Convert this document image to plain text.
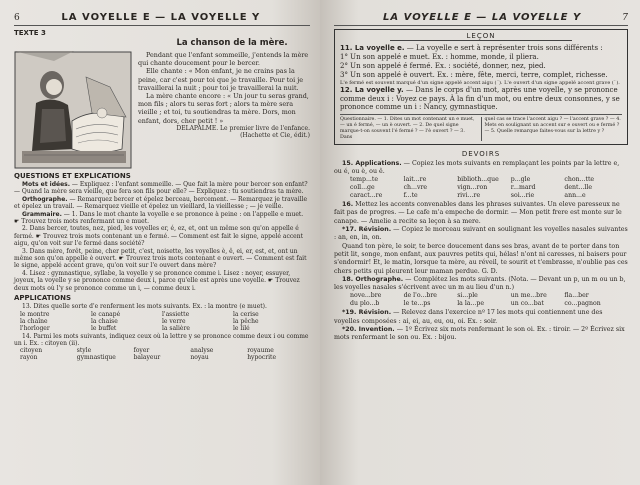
6	LA VOYELLE E — LA VOYELLE Y
TEXTE 3
La chanson de la mère.

Pendant que l'enfant sommeille, j'entends la mère qui chante doucement pour le bercer.

Elle chante : « Mon enfant, je ne crains pas la peine, car c'est pour toi que je travaille. Pour toi je travaillerai la nuit ; pour toi je travaillerai la nuit.

La mère chante encore : « Un jour tu seras grand, mon fils ; alors tu seras fort ; alors ta mère sera vieille ; et toi, tu soutiendras ta mère. Dors, mon enfant, dors, cher petit ! »

DELAPALME. Le premier livre de l'enfance.
(Hachette et Cie, édit.)
QUESTIONS ET EXPLICATIONS

Mots et idées. — Expliquez : l'enfant sommeille. — Que fait la mère pour bercer son enfant? — Quand la mère sera vieille, que fera son fils pour elle? — Expliquez : tu soutiendras ta mère.

Orthographe. — Remarquez bercer et épelez berceau, bercement. — Remarquez je travaille et épelez un travail. — Remarquez vieille et épelez un vieillard, la vieillesse ; — je veille.

Grammaire. — 1. Dans le mot chante la voyelle e se prononce à peine : on l'appelle e muet. ☛ Trouvez trois mots renfermant un e muet.

2. Dans bercer, toutes, nez, pied, les voyelles er, é, ez, et, ont un même son qu'on appelle é fermé. ☛ Trouvez trois mots contenant un e fermé. — Comment est fait le signe, appelé accent aigu, qu'on voit sur l'e fermé dans société?

3. Dans mère, forêt, peine, cher petit, c'est, noisette, les voyelles è, ê, ei, er, est, et, ont un même son qu'on appelle è ouvert. ☛ Trouvez trois mots contenant e ouvert. — Comment est fait le signe, appelé accent grave, qu'on voit sur l'e ouvert dans mère?

4. Lisez : gymnastique, syllabe, la voyelle y se prononce comme i. Lisez : noyer, essuyer, joyeux, la voyelle y se prononce comme deux i, parce qu'elle est après une voyelle. ☛ Trouvez deux mots où l'y se prononce comme un i, — comme deux i.

APPLICATIONS

13. Dites quelle sorte d'e renferment les mots suivants. Ex. : la montre (e muet).

le montre	le canapé	l'assiette	la cerise
la chaîne	la chaise	le verre	la pêche
l'horloger	le buffet	la salière	le lilé

14. Parmi les mots suivants, indiquez ceux où la lettre y se prononce comme deux i ou comme un i. Ex. : citoyen (ii).

citoyen	style	foyer	analyse	royaume
rayon	gymnastique	balayeur	noyau	hypocrite
LA VOYELLE E — LA VOYELLE Y	7
LEÇON

11. La voyelle e. — La voyelle e sert à représenter trois sons différents :

1° Un son appelé e muet. Ex. : homme, monde, il pliera.

2° Un son appelé é fermé. Ex. : société, donner, nez, pied.

3° Un son appelé è ouvert. Ex. : mère, fête, merci, terre, complet, richesse.

L'e fermé est souvent marqué d'un signe appelé accent aigu (´). L'e ouvert d'un signe appelé accent grave (`).

12. La voyelle y. — Dans le corps d'un mot, après une voyelle, y se prononce comme deux i : Voyez ce pays. À la fin d'un mot, ou entre deux consonnes, y se prononce comme un i : Nancy, gymnastique.

Questionnaire. — 1. Dites un mot contenant un e muet, — un é fermé, — un è ouvert. — 2. De quel signe marque-t-on souvent l'é fermé ? — l'è ouvert ? — 3. Dans
quel cas se trace l'accent aigu ? — l'accent grave ? — 4. Mets en soulignant un accent sur e ouvert ou e fermé ? — 5. Quelle remarque faites-vous sur la lettre y ?
DEVOIRS

15. Applications. — Copiez les mots suivants en remplaçant les points par la lettre e, ou é, ou è, ou ê.

temp...te	lait...re	biblioth...que	p...gle	chon...tte
coll...ge	ch...vre	vign...ron	r...mard	dent...lle
caract...re	f...te	rivi...re	soi...rie	ann...e

16. Mettez les accents convenables dans les phrases suivantes. Un eleve paresseux ne fait pas de progres. — Le cafe m'a empeche de dormir. — Mon petit frere est monte sur le canape. — Amelie a recite sa leçon à sa mere.

*17. Révision. — Copiez le morceau suivant en soulignant les voyelles nasales suivantes : an, en, in, on.

Quand ton père, le soir, te berce doucement dans ses bras, avant de te porter dans ton petit lit, songe, mon enfant, aux pauvres petits qui, hélas! n'ont ni caresses, ni baisers pour s'endormir! Et, le matin, lorsque ta mère, au réveil, te sourit et t'embrasse, n'oublie pas ces chers petits qui pleurent leur maman perdue. G. D.

18. Orthographe. — Complétez les mots suivants. (Nota. — Devant un p, un m ou un b, les voyelles nasales s'écrivent avec un m au lieu d'un n.)

nove...bre	de l'o...bre	si...ple	un me...bre	fla...ber
du plo...b	le te...ps	la la...pe	un co...bat	co...pagnon

*19. Révision. — Relevez dans l'exercice nº 17 les mots qui contiennent une des voyelles composées : ai, ei, au, eu, ou, oi. Ex. : soir.

*20. Invention. — 1º Écrivez six mots renfermant le son oi. Ex. : tiroir. — 2º Écrivez six mots renfermant le son ou. Ex. : bijou.
